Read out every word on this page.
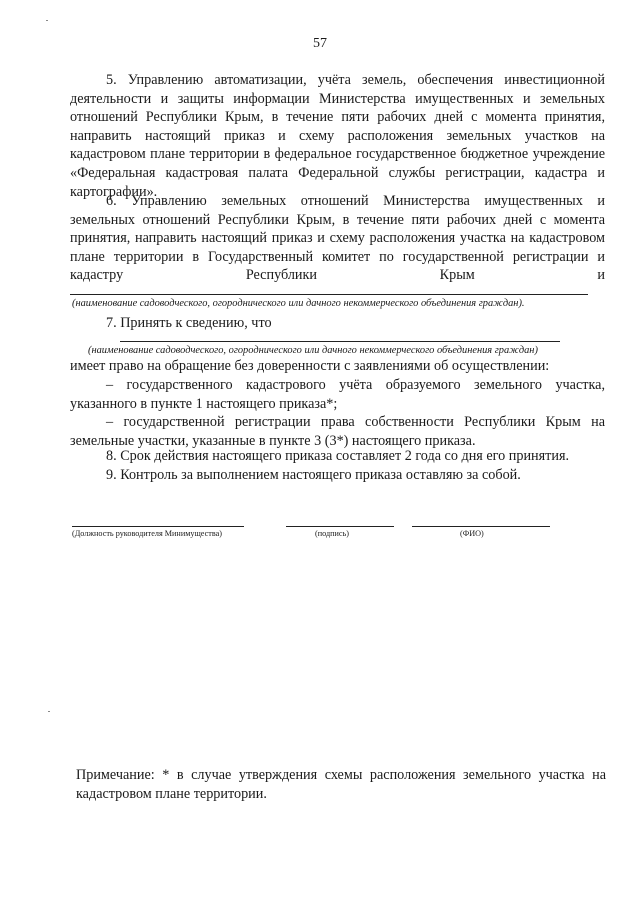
57

5. Управлению автоматизации, учёта земель, обеспечения инвестиционной деятельности и защиты информации Министерства имущественных и земельных отношений Республики Крым, в течение пяти рабочих дней с момента принятия, направить настоящий приказ и схему расположения земельных участков на кадастровом плане территории в федеральное государственное бюджетное учреждение «Федеральная кадастровая палата Федеральной службы регистрации, кадастра и картографии».

6. Управлению земельных отношений Министерства имущественных и земельных отношений Республики Крым, в течение пяти рабочих дней с момента принятия, направить настоящий приказ и схему расположения участка на кадастровом плане территории в Государственный комитет по государственной регистрации и кадастру Республики Крым и

(наименование садоводческого, огороднического или дачного некоммерческого объединения граждан).
7. Принять к сведению, что
(наименование садоводческого, огороднического или дачного некоммерческого объединения граждан)
имеет право на обращение без доверенности с заявлениями об осуществлении:

– государственного кадастрового учёта образуемого земельного участка, указанного в пункте 1 настоящего приказа*;

– государственной регистрации права собственности Республики Крым на земельные участки, указанные в пункте 3 (3*) настоящего приказа.

8. Срок действия настоящего приказа составляет 2 года со дня его принятия.
9. Контроль за выполнением настоящего приказа оставляю за собой.
(Должность руководителя Минимущества)	(подпись)	(ФИО)

Примечание: * в случае утверждения схемы расположения земельного участка на кадастровом плане территории.
